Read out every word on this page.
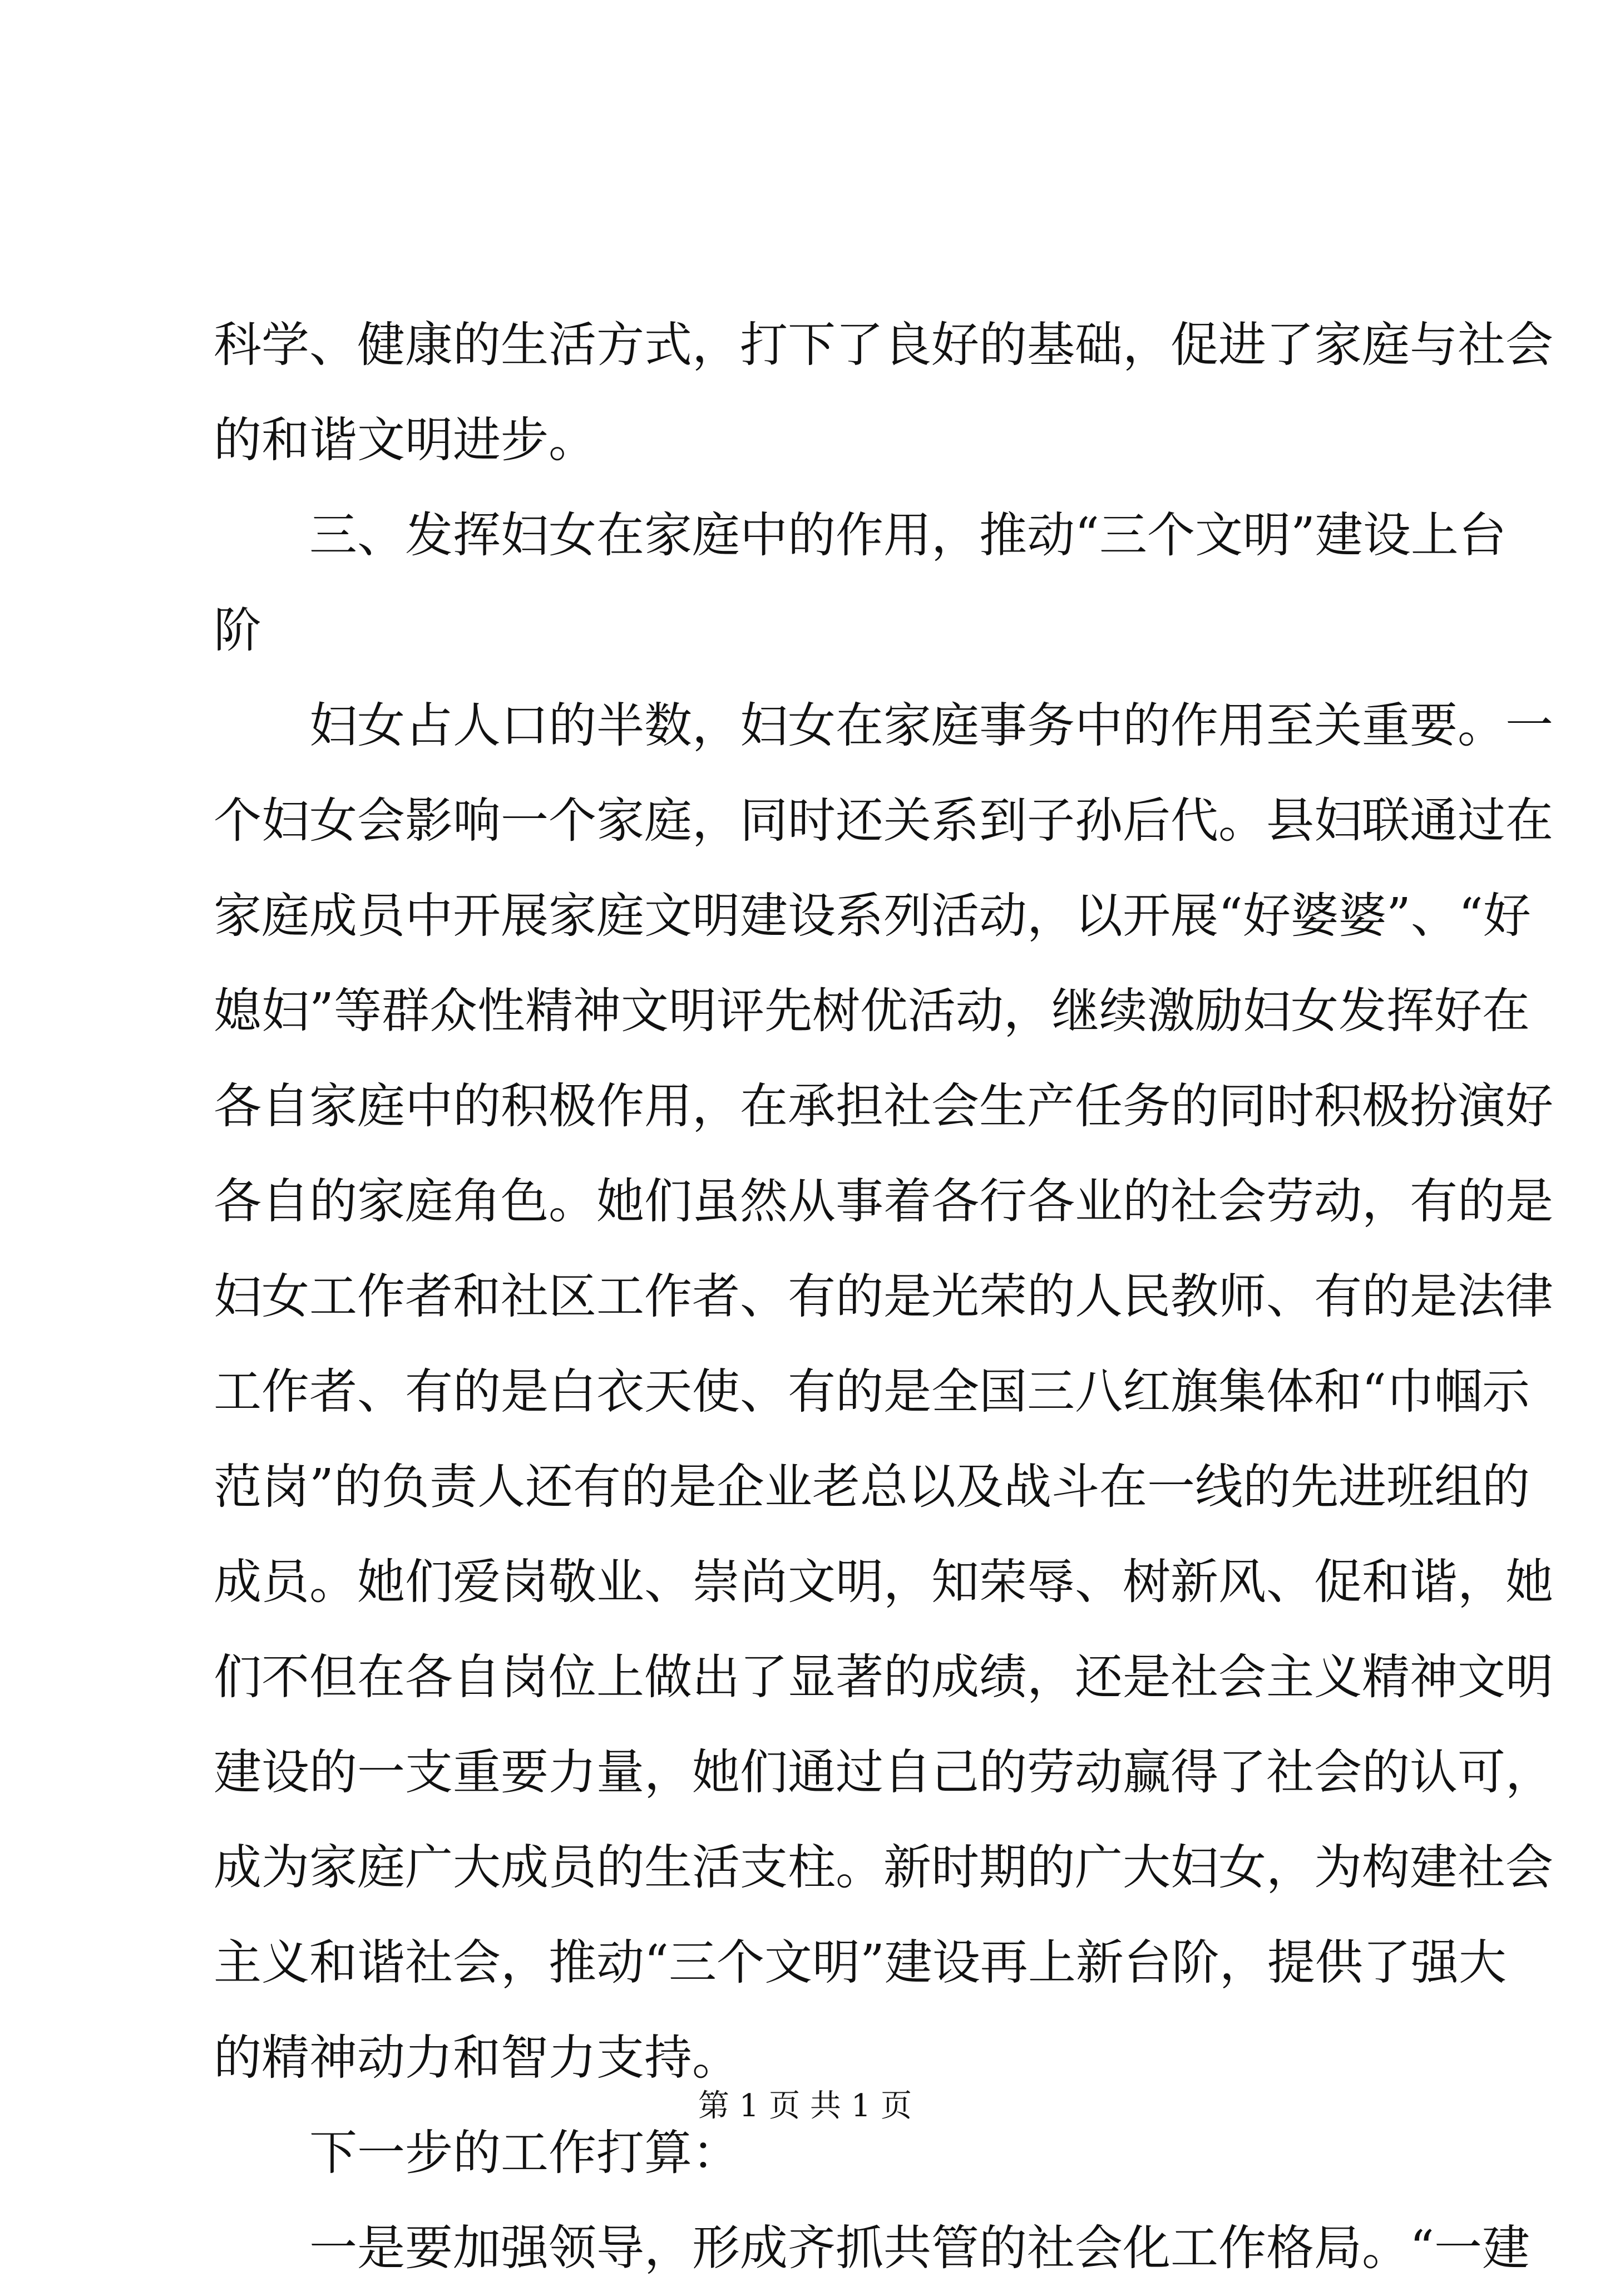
科学、健康的生活方式，打下了良好的基础，促进了家庭与社会
的和谐文明进步。
三、发挥妇女在家庭中的作用，推动“三个文明”建设上台
阶
妇女占人口的半数，妇女在家庭事务中的作用至关重要。一
个妇女会影响一个家庭，同时还关系到子孙后代。县妇联通过在
家庭成员中开展家庭文明建设系列活动，以开展“好婆婆”、“好
媳妇”等群众性精神文明评先树优活动，继续激励妇女发挥好在
各自家庭中的积极作用，在承担社会生产任务的同时积极扮演好
各自的家庭角色。她们虽然从事着各行各业的社会劳动，有的是
妇女工作者和社区工作者、有的是光荣的人民教师、有的是法律
工作者、有的是白衣天使、有的是全国三八红旗集体和“巾帼示
范岗”的负责人还有的是企业老总以及战斗在一线的先进班组的
成员。她们爱岗敬业、崇尚文明，知荣辱、树新风、促和谐，她
们不但在各自岗位上做出了显著的成绩，还是社会主义精神文明
建设的一支重要力量，她们通过自己的劳动赢得了社会的认可，
成为家庭广大成员的生活支柱。新时期的广大妇女，为构建社会
主义和谐社会，推动“三个文明”建设再上新台阶，提供了强大
的精神动力和智力支持。
下一步的工作打算：
一是要加强领导，形成齐抓共管的社会化工作格局。“一建
第 1 页 共 1 页
